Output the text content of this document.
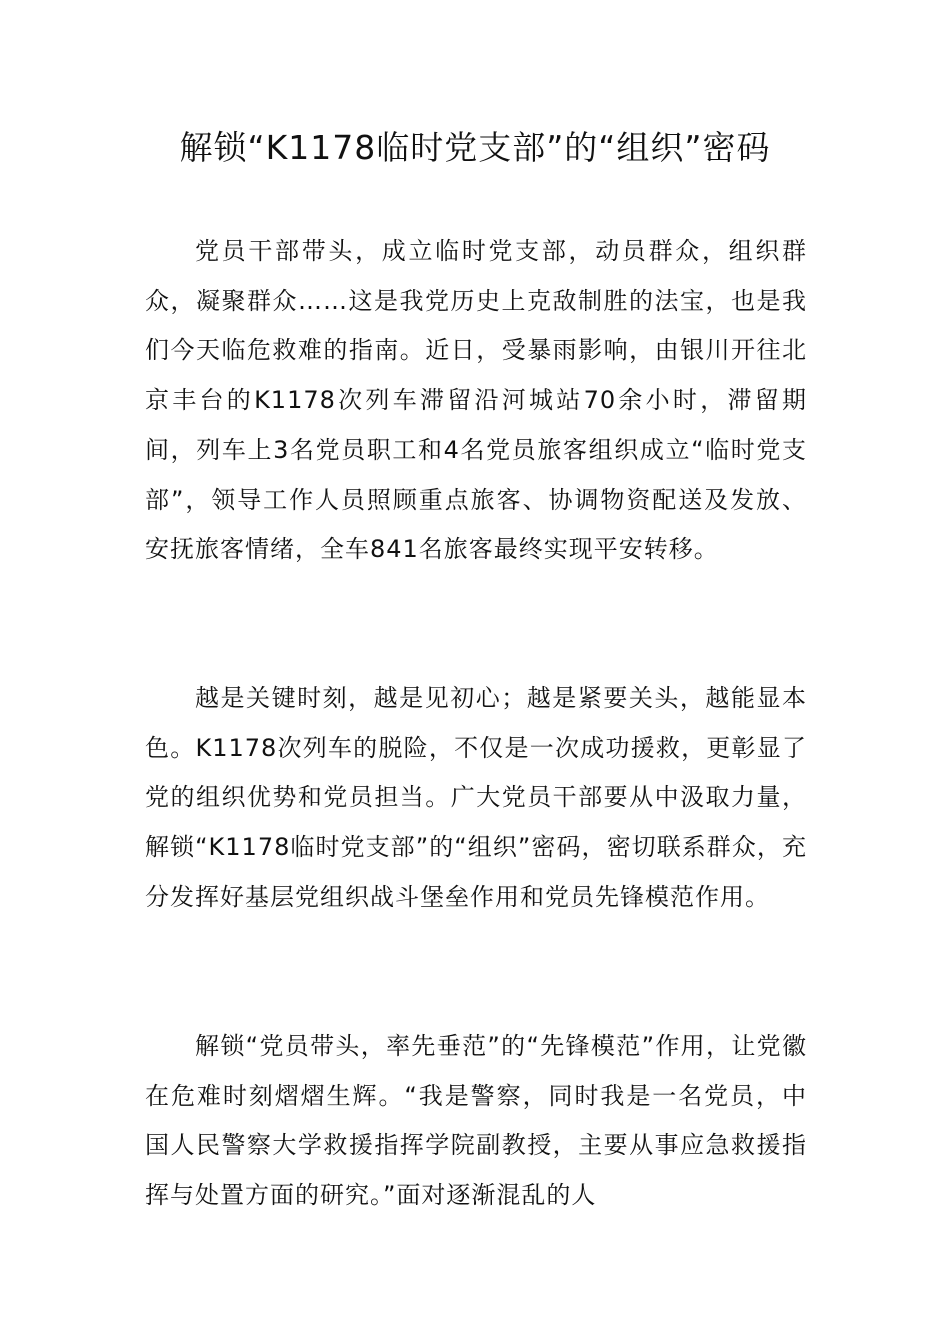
解锁“K1178临时党支部”的“组织”密码

党员干部带头，成立临时党支部，动员群众，组织群众，凝聚群众……这是我党历史上克敌制胜的法宝，也是我们今天临危救难的指南。近日，受暴雨影响，由银川开往北京丰台的K1178次列车滞留沿河城站70余小时，滞留期间，列车上3名党员职工和4名党员旅客组织成立“临时党支部”，领导工作人员照顾重点旅客、协调物资配送及发放、安抚旅客情绪，全车841名旅客最终实现平安转移。

越是关键时刻，越是见初心；越是紧要关头，越能显本色。K1178次列车的脱险，不仅是一次成功援救，更彰显了党的组织优势和党员担当。广大党员干部要从中汲取力量，解锁“K1178临时党支部”的“组织”密码，密切联系群众，充分发挥好基层党组织战斗堡垒作用和党员先锋模范作用。

解锁“党员带头，率先垂范”的“先锋模范”作用，让党徽在危难时刻熠熠生辉。“我是警察，同时我是一名党员，中国人民警察大学救援指挥学院副教授，主要从事应急救援指挥与处置方面的研究。”面对逐渐混乱的人
